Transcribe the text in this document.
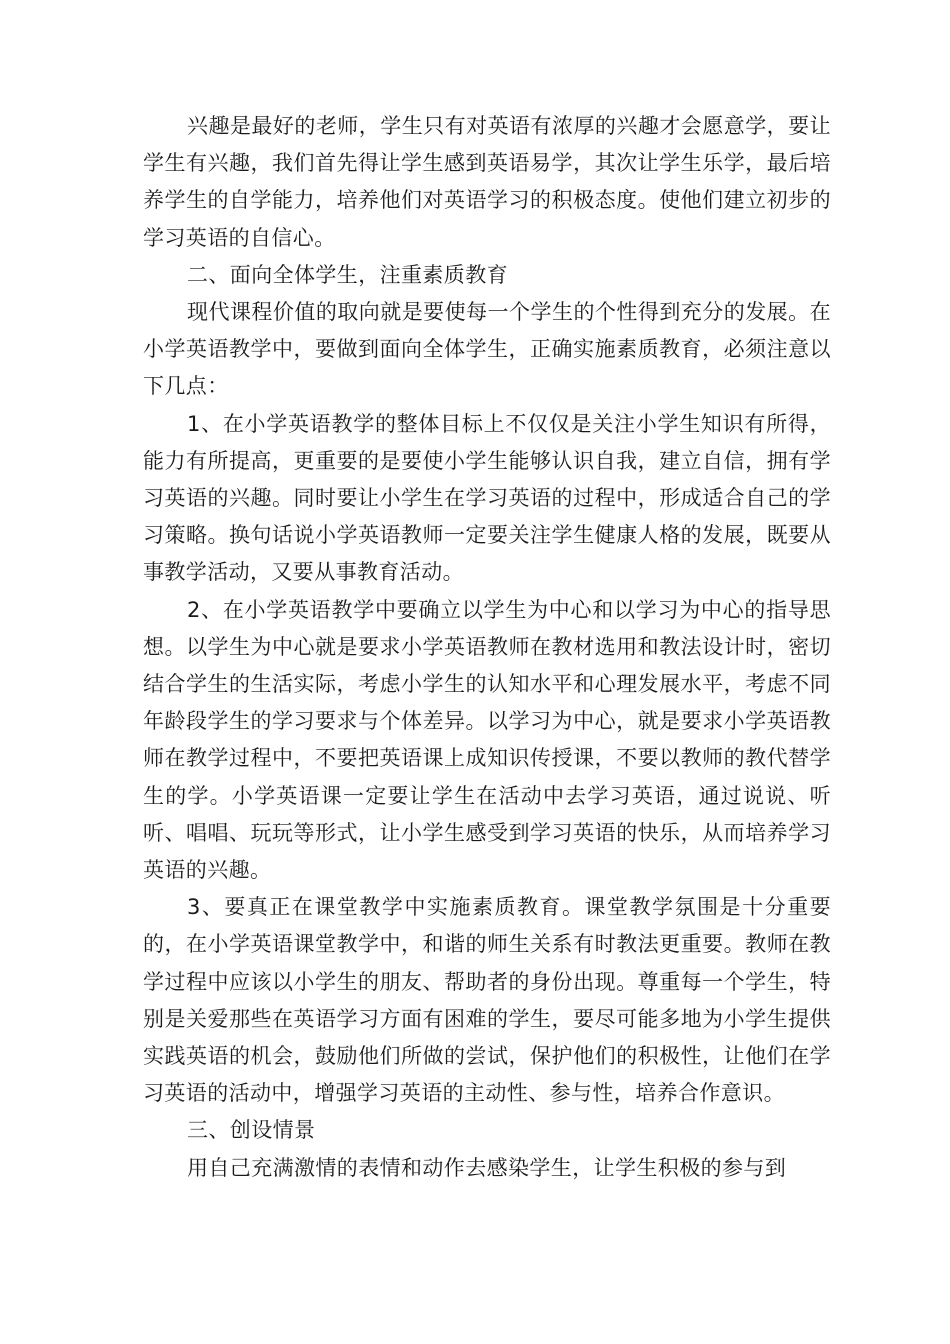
兴趣是最好的老师，学生只有对英语有浓厚的兴趣才会愿意学，要让学生有兴趣，我们首先得让学生感到英语易学，其次让学生乐学，最后培养学生的自学能力，培养他们对英语学习的积极态度。使他们建立初步的学习英语的自信心。

二、面向全体学生，注重素质教育

现代课程价值的取向就是要使每一个学生的个性得到充分的发展。在小学英语教学中，要做到面向全体学生，正确实施素质教育，必须注意以下几点：

1、在小学英语教学的整体目标上不仅仅是关注小学生知识有所得，能力有所提高，更重要的是要使小学生能够认识自我，建立自信，拥有学习英语的兴趣。同时要让小学生在学习英语的过程中，形成适合自己的学习策略。换句话说小学英语教师一定要关注学生健康人格的发展，既要从事教学活动，又要从事教育活动。

2、在小学英语教学中要确立以学生为中心和以学习为中心的指导思想。以学生为中心就是要求小学英语教师在教材选用和教法设计时，密切结合学生的生活实际，考虑小学生的认知水平和心理发展水平，考虑不同年龄段学生的学习要求与个体差异。以学习为中心，就是要求小学英语教师在教学过程中，不要把英语课上成知识传授课，不要以教师的教代替学生的学。小学英语课一定要让学生在活动中去学习英语，通过说说、听听、唱唱、玩玩等形式，让小学生感受到学习英语的快乐，从而培养学习英语的兴趣。

3、要真正在课堂教学中实施素质教育。课堂教学氛围是十分重要的，在小学英语课堂教学中，和谐的师生关系有时教法更重要。教师在教学过程中应该以小学生的朋友、帮助者的身份出现。尊重每一个学生，特别是关爱那些在英语学习方面有困难的学生，要尽可能多地为小学生提供实践英语的机会，鼓励他们所做的尝试，保护他们的积极性，让他们在学习英语的活动中，增强学习英语的主动性、参与性，培养合作意识。

三、创设情景

用自己充满激情的表情和动作去感染学生，让学生积极的参与到
